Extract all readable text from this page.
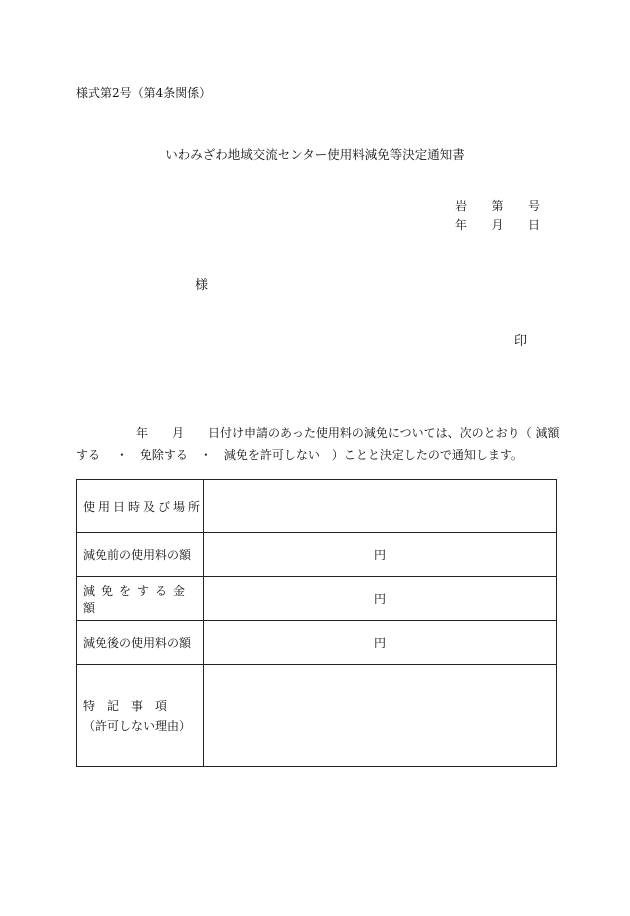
様式第2号（第4条関係）
いわみざわ地域交流センター使用料減免等決定通知書
岩 第 号
年 月 日
様
印
　　　　　年　　月　　日付け申請のあった使用料の減免については、次のとおり（ 減額
する　 ・　免除する　・　減免を許可しない　）ことと決定したので通知します。
使用日時及び場所	
減免前の使用料の額	円
減免をする金額	円
減免後の使用料の額	円

特　記　事　項
（許可しない理由）	
